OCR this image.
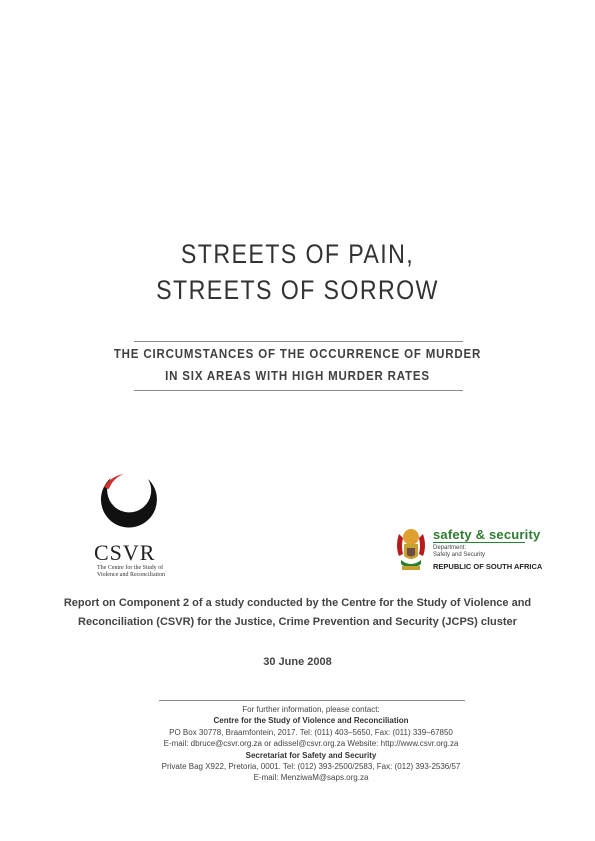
STREETS OF PAIN,
STREETS OF SORROW
THE CIRCUMSTANCES OF THE OCCURRENCE OF MURDER
IN SIX AREAS WITH HIGH MURDER RATES
CSVR
The Centre for the Study of
Violence and Reconciliation
safety & security
Department:
Safety and Security
REPUBLIC OF SOUTH AFRICA
Report on Component 2 of a study conducted by the Centre for the Study of Violence and
Reconciliation (CSVR) for the Justice, Crime Prevention and Security (JCPS) cluster
30 June 2008
For further information, please contact:
Centre for the Study of Violence and Reconciliation
PO Box 30778, Braamfontein, 2017. Tel: (011) 403–5650, Fax: (011) 339–67850
E-mail: dbruce@csvr.org.za or adissel@csvr.org.za Website: http://www.csvr.org.za
Secretariat for Safety and Security
Private Bag X922, Pretoria, 0001. Tel: (012) 393-2500/2583, Fax: (012) 393-2536/57
E-mail: MenziwaM@saps.org.za
